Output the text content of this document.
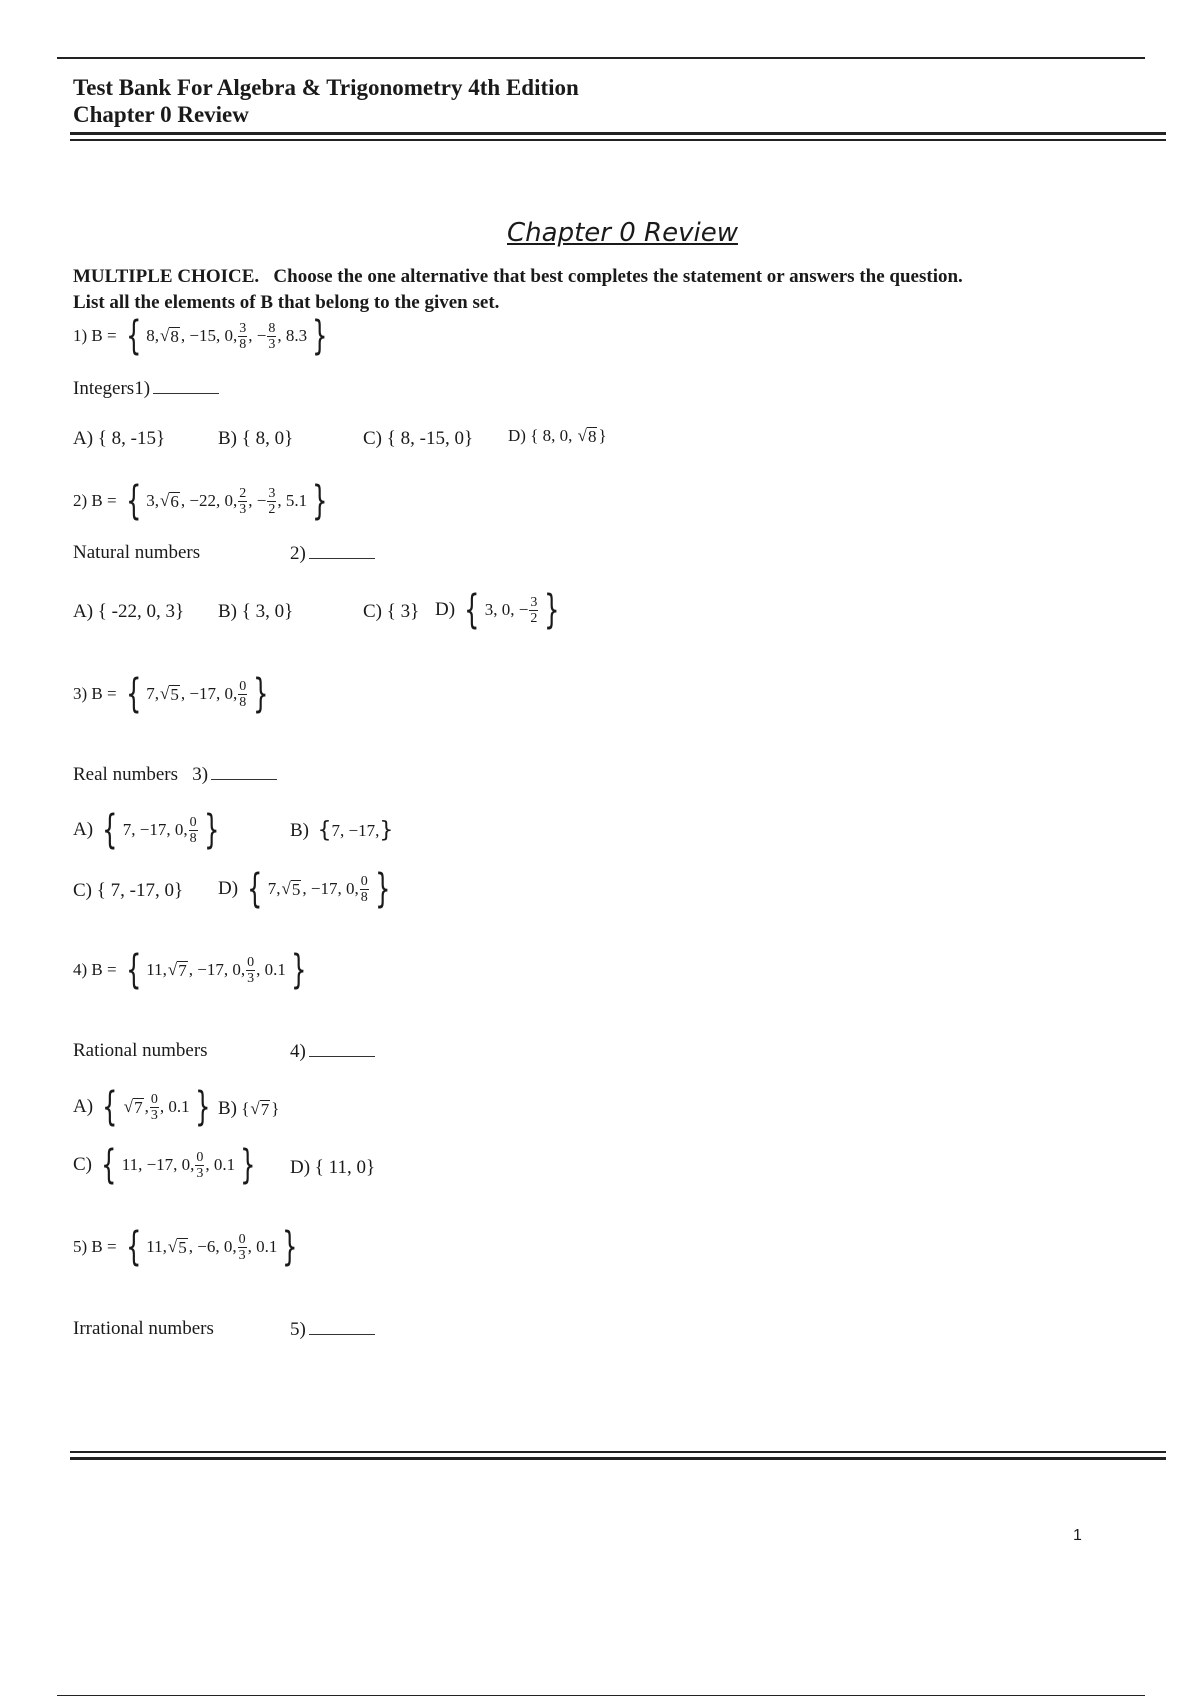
Test Bank For Algebra & Trigonometry 4th Edition
Chapter 0 Review
Chapter 0 Review
MULTIPLE CHOICE. Choose the one alternative that best completes the statement or answers the question.
List all the elements of B that belong to the given set.
1) B =
{ 8, √ 8 , −15, 0, $\frac{3}{8}$ , − $\frac{8}{3}$ , 8.3 }
Integers1)
A) { 8, -15}	B) { 8, 0}	C) { 8, -15, 0} D) { 8, 0,
√ 8 }
2) B =
{ 3, √ 6 , −22, 0, $\frac{2}{3}$ , − $\frac{3}{2}$ , 5.1 }
Natural numbers	2)
A) { -22, 0, 3} B) { 3, 0}	C) { 3} D)
{ 3, 0, − $\frac{3}{2}$ }
3) B =
{ 7, √ 5 , −17, 0, $\frac{0}{8}$ }
Real numbers 3)
A)
{ 7, −17, 0, $\frac{0}{8}$ }	B)
{ 7, −17, }
C) { 7, -17, 0} D)
{ 7, √ 5 , −17, 0, $\frac{0}{8}$ }
4) B =
{ 11, √ 7 , −17, 0, $\frac{0}{3}$ , 0.1 }
Rational numbers	4)
A)
{ √ 7 , $\frac{0}{3}$ , 0.1 } B) { √ 7 }
C)
{ 11, −17, 0, $\frac{0}{3}$ , 0.1 } D) { 11, 0}
5) B =
{ 11, √ 5 , −6, 0, $\frac{0}{3}$ , 0.1 }
Irrational numbers	5)
1
